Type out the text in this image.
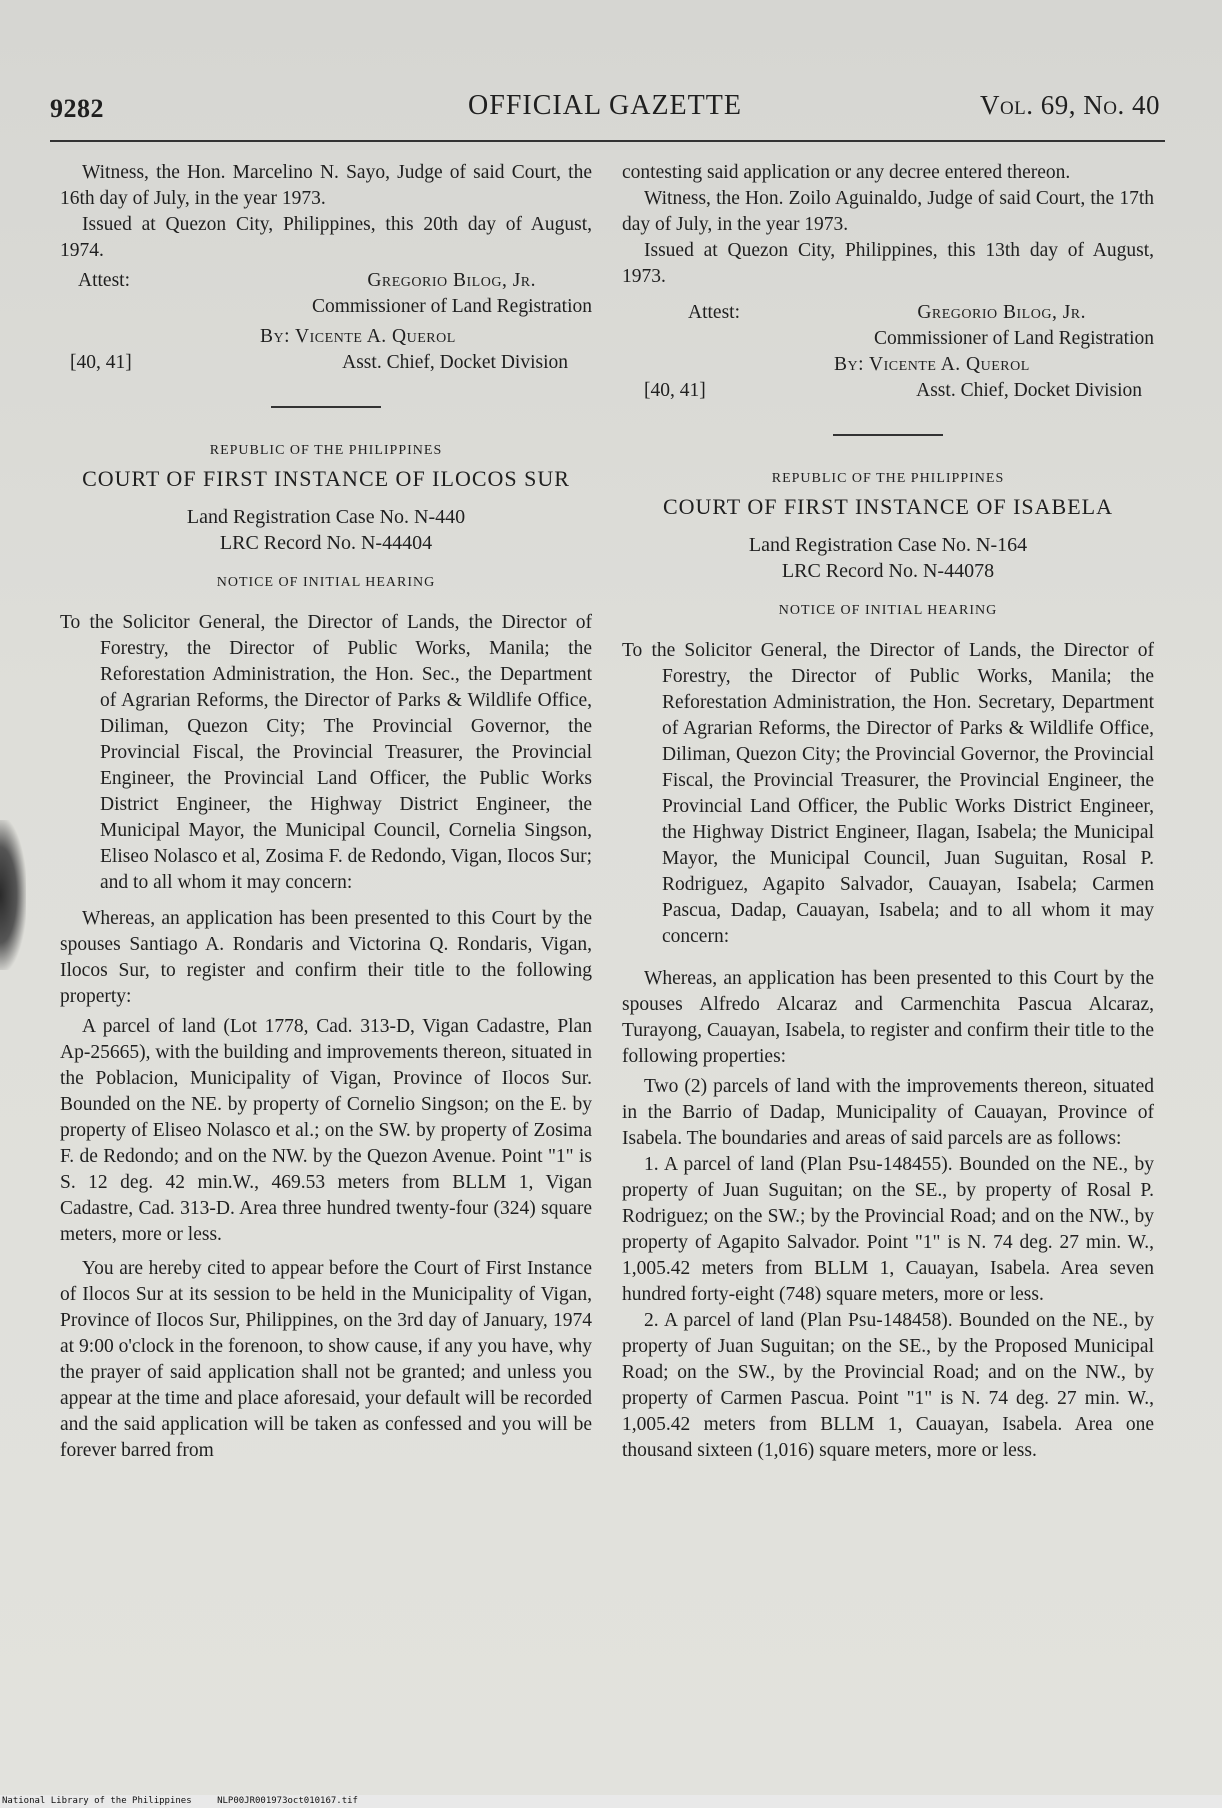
OFFICIAL GAZETTE
9282	Vol. 69, No. 40

Witness, the Hon. Marcelino N. Sayo, Judge of said Court, the 16th day of July, in the year 1973.

Issued at Quezon City, Philippines, this 20th day of August, 1974.

Attest:	Gregorio Bilog, Jr.
Commissioner of Land Registration
By: Vicente A. Querol
[40, 41]	Asst. Chief, Docket Division
REPUBLIC OF THE PHILIPPINES
COURT OF FIRST INSTANCE OF ILOCOS SUR
Land Registration Case No. N-440
LRC Record No. N-44404
NOTICE OF INITIAL HEARING

To the Solicitor General, the Director of Lands, the Director of Forestry, the Director of Public Works, Manila; the Reforestation Administration, the Hon. Sec., the Department of Agrarian Reforms, the Director of Parks & Wildlife Office, Diliman, Quezon City; The Provincial Governor, the Provincial Fiscal, the Provincial Treasurer, the Provincial Engineer, the Provincial Land Officer, the Public Works District Engineer, the Highway District Engineer, the Municipal Mayor, the Municipal Council, Cornelia Singson, Eliseo Nolasco et al, Zosima F. de Redondo, Vigan, Ilocos Sur; and to all whom it may concern:

Whereas, an application has been presented to this Court by the spouses Santiago A. Rondaris and Victorina Q. Rondaris, Vigan, Ilocos Sur, to register and confirm their title to the following property:

A parcel of land (Lot 1778, Cad. 313-D, Vigan Cadastre, Plan Ap-25665), with the building and improvements thereon, situated in the Poblacion, Municipality of Vigan, Province of Ilocos Sur. Bounded on the NE. by property of Cornelio Singson; on the E. by property of Eliseo Nolasco et al.; on the SW. by property of Zosima F. de Redondo; and on the NW. by the Quezon Avenue. Point "1" is S. 12 deg. 42 min.W., 469.53 meters from BLLM 1, Vigan Cadastre, Cad. 313-D. Area three hundred twenty-four (324) square meters, more or less.

You are hereby cited to appear before the Court of First Instance of Ilocos Sur at its session to be held in the Municipality of Vigan, Province of Ilocos Sur, Philippines, on the 3rd day of January, 1974 at 9:00 o'clock in the forenoon, to show cause, if any you have, why the prayer of said application shall not be granted; and unless you appear at the time and place aforesaid, your default will be recorded and the said application will be taken as confessed and you will be forever barred from

contesting said application or any decree entered thereon.

Witness, the Hon. Zoilo Aguinaldo, Judge of said Court, the 17th day of July, in the year 1973.

Issued at Quezon City, Philippines, this 13th day of August, 1973.

Attest:	Gregorio Bilog, Jr.
Commissioner of Land Registration
By: Vicente A. Querol
[40, 41]	Asst. Chief, Docket Division
REPUBLIC OF THE PHILIPPINES
COURT OF FIRST INSTANCE OF ISABELA
Land Registration Case No. N-164
LRC Record No. N-44078
NOTICE OF INITIAL HEARING

To the Solicitor General, the Director of Lands, the Director of Forestry, the Director of Public Works, Manila; the Reforestation Administration, the Hon. Secretary, Department of Agrarian Reforms, the Director of Parks & Wildlife Office, Diliman, Quezon City; the Provincial Governor, the Provincial Fiscal, the Provincial Treasurer, the Provincial Engineer, the Provincial Land Officer, the Public Works District Engineer, the Highway District Engineer, Ilagan, Isabela; the Municipal Mayor, the Municipal Council, Juan Suguitan, Rosal P. Rodriguez, Agapito Salvador, Cauayan, Isabela; Carmen Pascua, Dadap, Cauayan, Isabela; and to all whom it may concern:

Whereas, an application has been presented to this Court by the spouses Alfredo Alcaraz and Carmenchita Pascua Alcaraz, Turayong, Cauayan, Isabela, to register and confirm their title to the following properties:

Two (2) parcels of land with the improvements thereon, situated in the Barrio of Dadap, Municipality of Cauayan, Province of Isabela. The boundaries and areas of said parcels are as follows:

1. A parcel of land (Plan Psu-148455). Bounded on the NE., by property of Juan Suguitan; on the SE., by property of Rosal P. Rodriguez; on the SW.; by the Provincial Road; and on the NW., by property of Agapito Salvador. Point "1" is N. 74 deg. 27 min. W., 1,005.42 meters from BLLM 1, Cauayan, Isabela. Area seven hundred forty-eight (748) square meters, more or less.

2. A parcel of land (Plan Psu-148458). Bounded on the NE., by property of Juan Suguitan; on the SE., by the Proposed Municipal Road; on the SW., by the Provincial Road; and on the NW., by property of Carmen Pascua. Point "1" is N. 74 deg. 27 min. W., 1,005.42 meters from BLLM 1, Cauayan, Isabela. Area one thousand sixteen (1,016) square meters, more or less.

National Library of the Philippines	NLP00JR001973oct010167.tif
